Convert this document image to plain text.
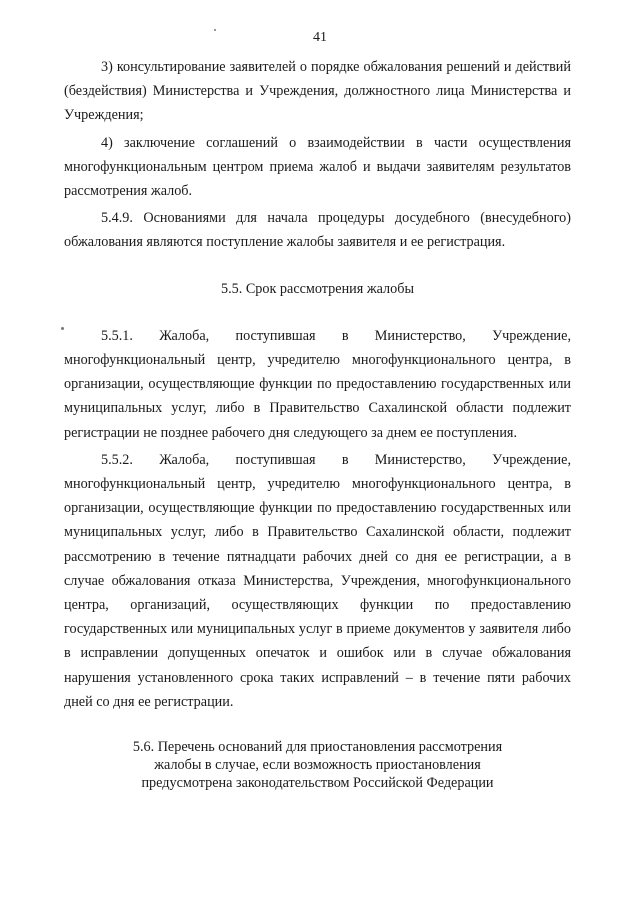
41

3) консультирование заявителей о порядке обжалования решений и действий (бездействия) Министерства и Учреждения, должностного лица Министерства и Учреждения;

4) заключение соглашений о взаимодействии в части осуществления многофункциональным центром приема жалоб и выдачи заявителям результатов рассмотрения жалоб.

5.4.9. Основаниями для начала процедуры досудебного (внесудебного) обжалования являются поступление жалобы заявителя и ее регистрация.

5.5. Срок рассмотрения жалобы

5.5.1. Жалоба, поступившая в Министерство, Учреждение, многофункциональный центр, учредителю многофункционального центра, в организации, осуществляющие функции по предоставлению государственных или муниципальных услуг, либо в Правительство Сахалинской области подлежит регистрации не позднее рабочего дня следующего за днем ее поступления.

5.5.2. Жалоба, поступившая в Министерство, Учреждение, многофункциональный центр, учредителю многофункционального центра, в организации, осуществляющие функции по предоставлению государственных или муниципальных услуг, либо в Правительство Сахалинской области, подлежит рассмотрению в течение пятнадцати рабочих дней со дня ее регистрации, а в случае обжалования отказа Министерства, Учреждения, многофункционального центра, организаций, осуществляющих функции по предоставлению государственных или муниципальных услуг в приеме документов у заявителя либо в исправлении допущенных опечаток и ошибок или в случае обжалования нарушения установленного срока таких исправлений – в течение пяти рабочих дней со дня ее регистрации.

5.6. Перечень оснований для приостановления рассмотрения
жалобы в случае, если возможность приостановления
предусмотрена законодательством Российской Федерации
